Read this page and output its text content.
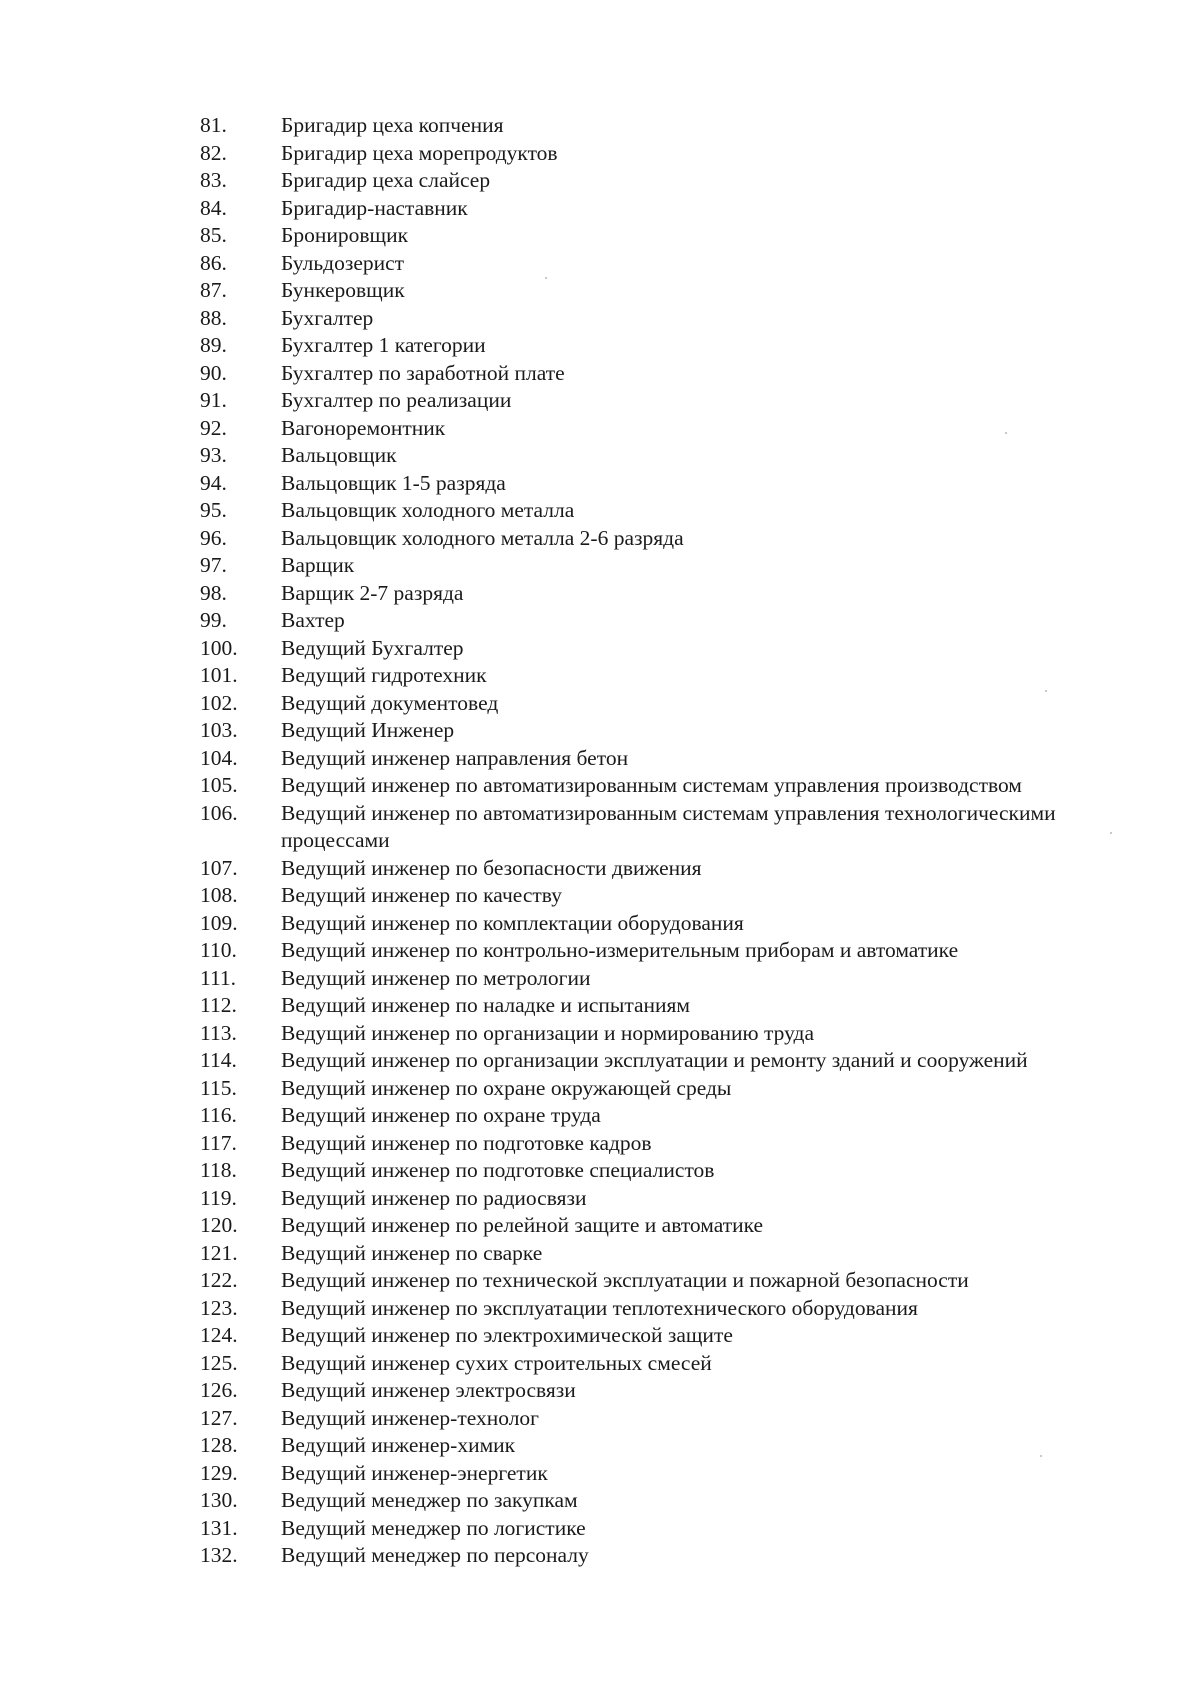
81.	Бригадир цеха копчения
82.	Бригадир цеха морепродуктов
83.	Бригадир цеха слайсер
84.	Бригадир-наставник
85.	Бронировщик
86.	Бульдозерист
87.	Бункеровщик
88.	Бухгалтер
89.	Бухгалтер 1 категории
90.	Бухгалтер по заработной плате
91.	Бухгалтер по реализации
92.	Вагоноремонтник
93.	Вальцовщик
94.	Вальцовщик 1-5 разряда
95.	Вальцовщик холодного металла
96.	Вальцовщик холодного металла 2-6 разряда
97.	Варщик
98.	Варщик 2-7 разряда
99.	Вахтер
100.	Ведущий Бухгалтер
101.	Ведущий гидротехник
102.	Ведущий документовед
103.	Ведущий Инженер
104.	Ведущий инженер направления бетон
105.	Ведущий инженер по автоматизированным системам управления производством
106.	Ведущий инженер по автоматизированным системам управления технологическими процессами
107.	Ведущий инженер по безопасности движения
108.	Ведущий инженер по качеству
109.	Ведущий инженер по комплектации оборудования
110.	Ведущий инженер по контрольно-измерительным приборам и автоматике
111.	Ведущий инженер по метрологии
112.	Ведущий инженер по наладке и испытаниям
113.	Ведущий инженер по организации и нормированию труда
114.	Ведущий инженер по организации эксплуатации и ремонту зданий и сооружений
115.	Ведущий инженер по охране окружающей среды
116.	Ведущий инженер по охране труда
117.	Ведущий инженер по подготовке кадров
118.	Ведущий инженер по подготовке специалистов
119.	Ведущий инженер по радиосвязи
120.	Ведущий инженер по релейной защите и автоматике
121.	Ведущий инженер по сварке
122.	Ведущий инженер по технической эксплуатации и пожарной безопасности
123.	Ведущий инженер по эксплуатации теплотехнического оборудования
124.	Ведущий инженер по электрохимической защите
125.	Ведущий инженер сухих строительных смесей
126.	Ведущий инженер электросвязи
127.	Ведущий инженер-технолог
128.	Ведущий инженер-химик
129.	Ведущий инженер-энергетик
130.	Ведущий менеджер по закупкам
131.	Ведущий менеджер по логистике
132.	Ведущий менеджер по персоналу
